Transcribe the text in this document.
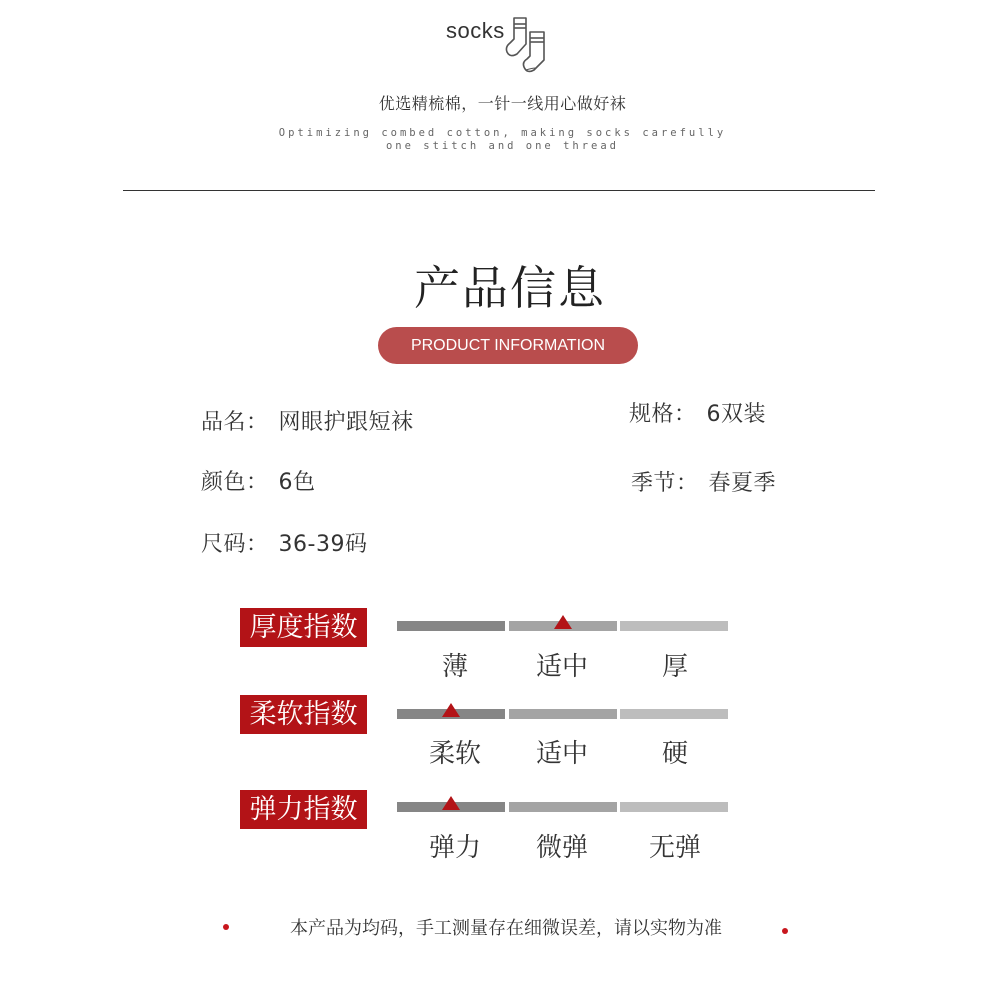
socks
优选精梳棉，一针一线用心做好袜
Optimizing combed cotton, making socks carefully
one stitch and one thread
产品信息
PRODUCT INFORMATION
品名： 网眼护跟短袜	规格： 6双装
颜色： 6色	季节： 春夏季
尺码： 36-39码
厚度指数
薄	适中	厚
柔软指数
柔软	适中	硬
弹力指数
弹力	微弹	无弹
本产品为均码，手工测量存在细微误差，请以实物为准
